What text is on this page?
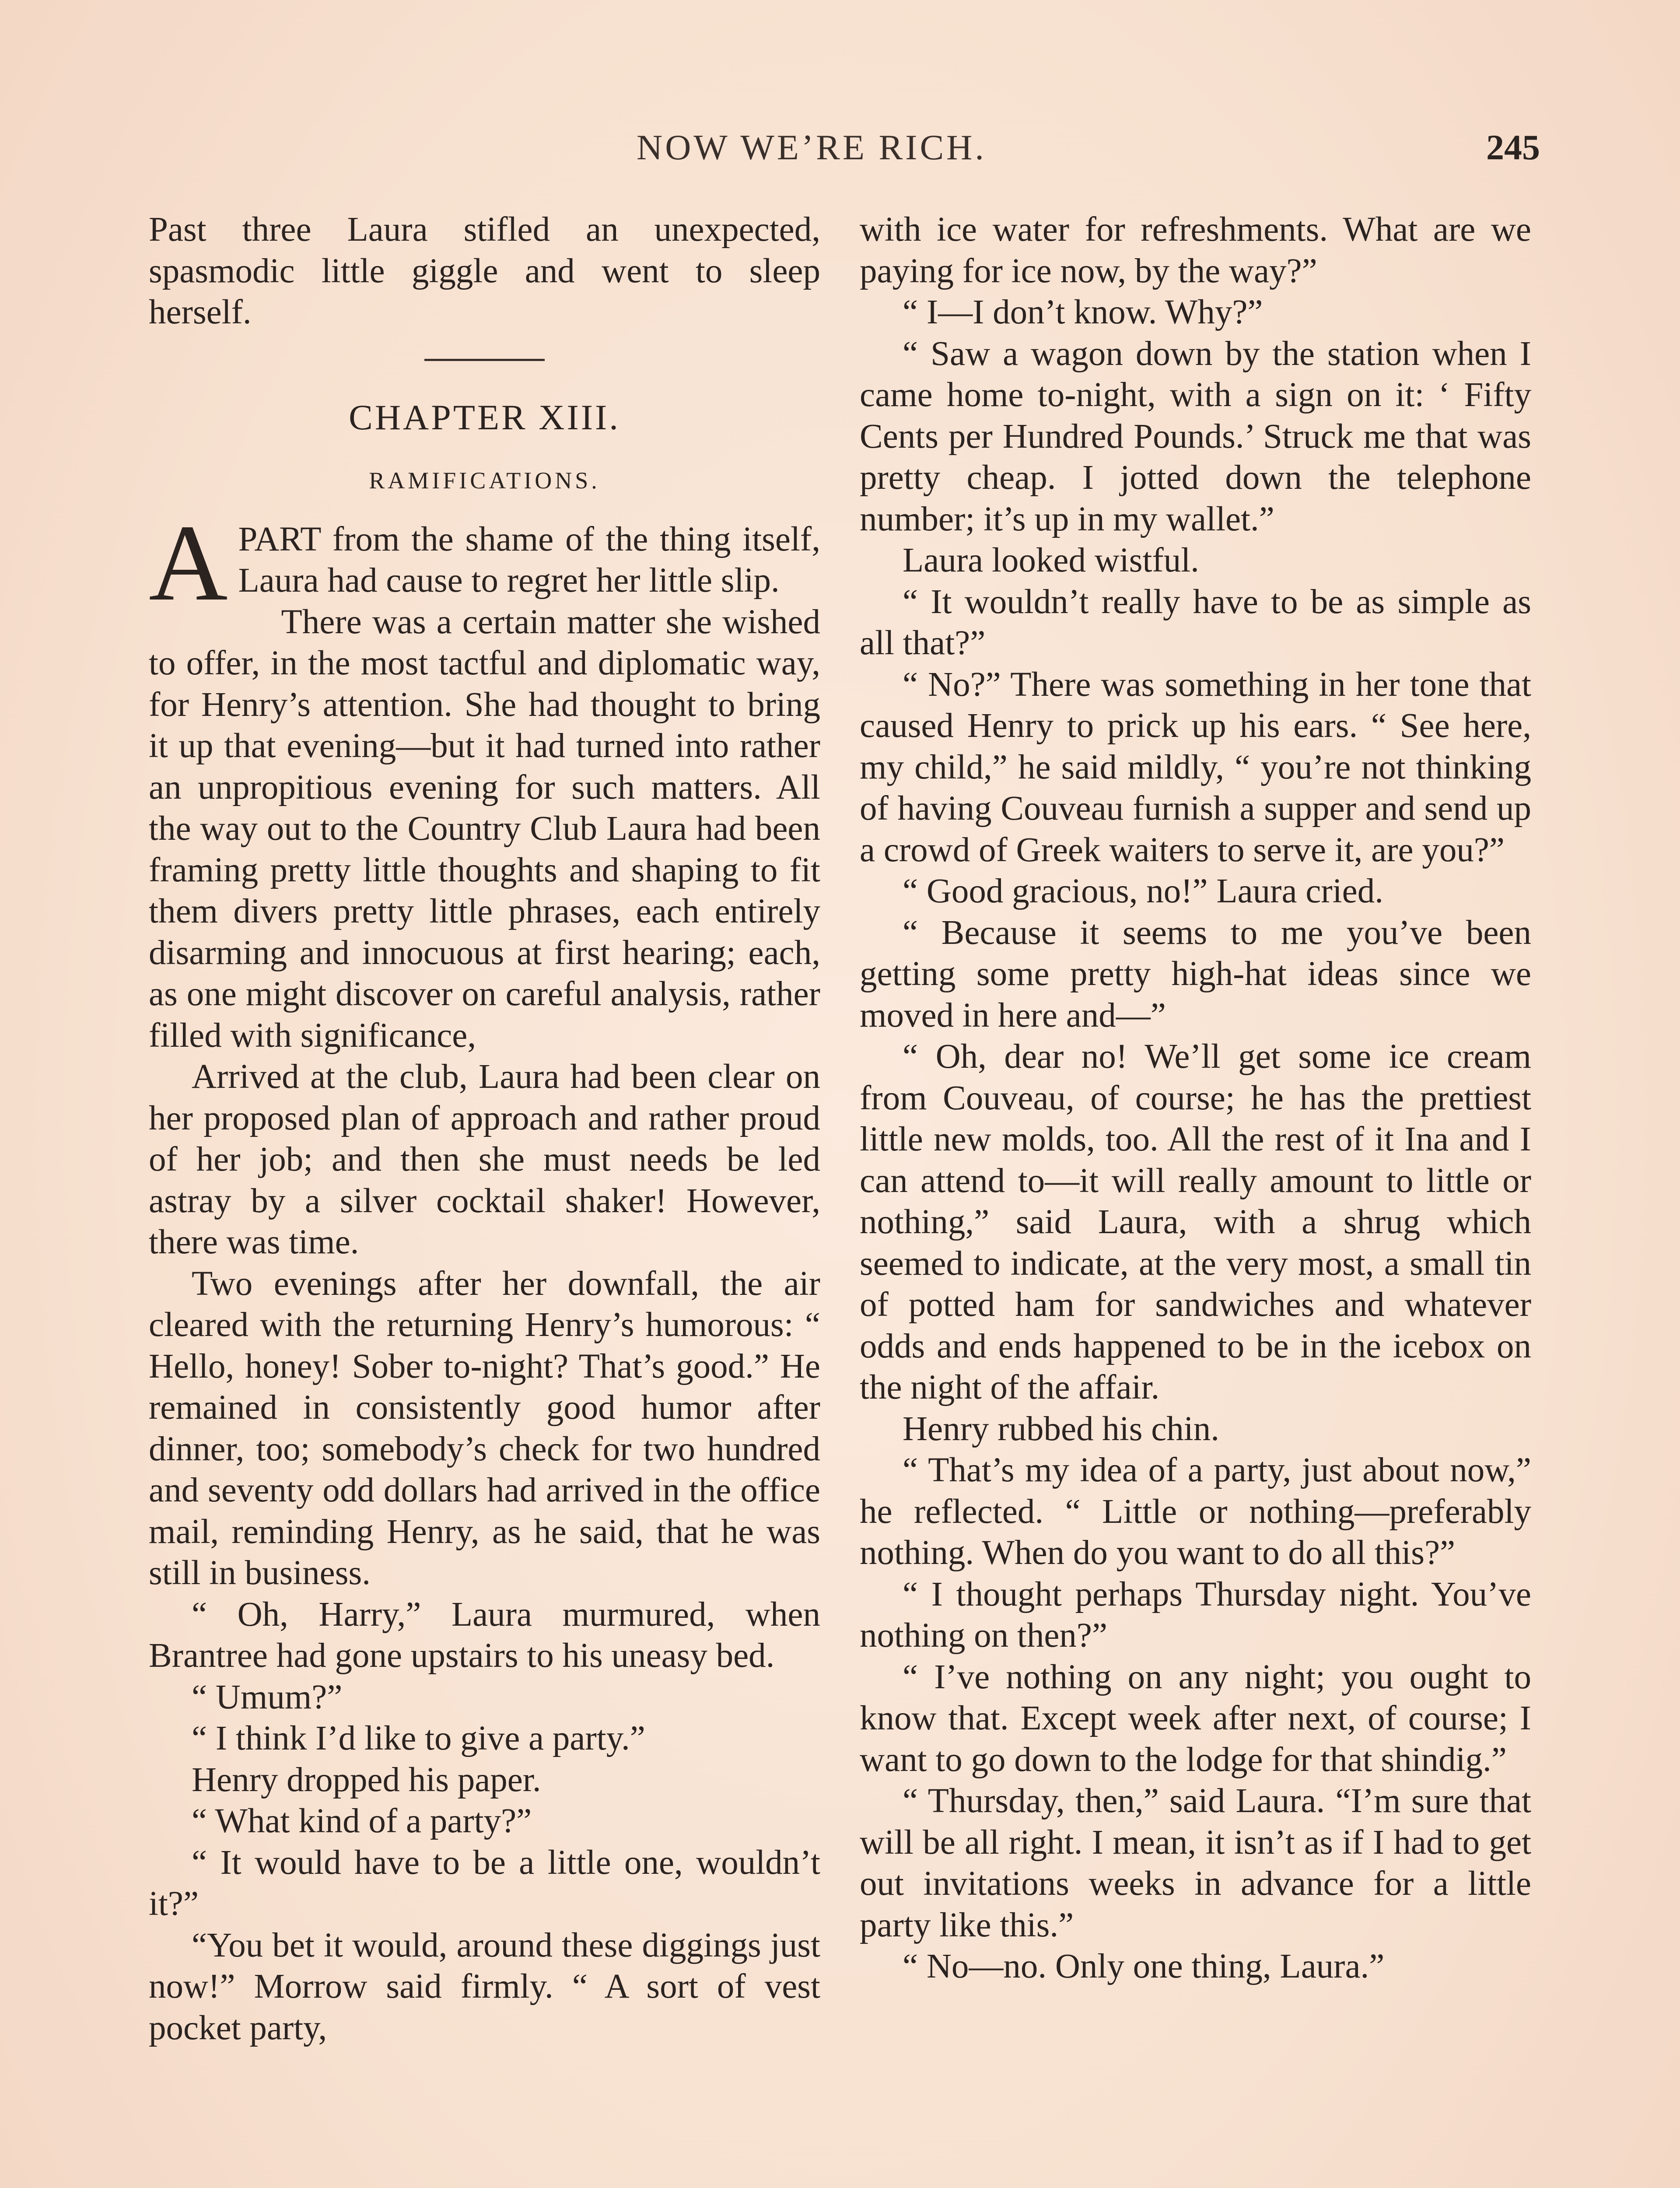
NOW WE’RE RICH.	245

Past three Laura stifled an unexpected, spasmodic little giggle and went to sleep herself.

CHAPTER XIII.
RAMIFICATIONS.

APART from the shame of the thing itself, Laura had cause to regret her little slip.

There was a certain matter she wished to offer, in the most tactful and diplomatic way, for Henry’s attention. She had thought to bring it up that evening—but it had turned into rather an unpropitious evening for such matters. All the way out to the Country Club Laura had been framing pretty little thoughts and shaping to fit them divers pretty little phrases, each entirely disarming and innocuous at first hearing; each, as one might discover on careful analysis, rather filled with significance,

Arrived at the club, Laura had been clear on her proposed plan of approach and rather proud of her job; and then she must needs be led astray by a silver cocktail shaker! However, there was time.

Two evenings after her downfall, the air cleared with the returning Henry’s humorous: “ Hello, honey! Sober to-night? That’s good.” He remained in consistently good humor after dinner, too; somebody’s check for two hundred and seventy odd dollars had arrived in the office mail, reminding Henry, as he said, that he was still in business.

“ Oh, Harry,” Laura murmured, when Brantree had gone upstairs to his uneasy bed.

“ Umum?”

“ I think I’d like to give a party.”

Henry dropped his paper.

“ What kind of a party?”

“ It would have to be a little one, wouldn’t it?”

“You bet it would, around these diggings just now!” Morrow said firmly. “ A sort of vest pocket party,

with ice water for refreshments. What are we paying for ice now, by the way?”

“ I—I don’t know. Why?”

“ Saw a wagon down by the station when I came home to-night, with a sign on it: ‘ Fifty Cents per Hundred Pounds.’ Struck me that was pretty cheap. I jotted down the telephone number; it’s up in my wallet.”

Laura looked wistful.

“ It wouldn’t really have to be as simple as all that?”

“ No?” There was something in her tone that caused Henry to prick up his ears. “ See here, my child,” he said mildly, “ you’re not thinking of having Couveau furnish a supper and send up a crowd of Greek waiters to serve it, are you?”

“ Good gracious, no!” Laura cried.

“ Because it seems to me you’ve been getting some pretty high-hat ideas since we moved in here and—”

“ Oh, dear no! We’ll get some ice cream from Couveau, of course; he has the prettiest little new molds, too. All the rest of it Ina and I can attend to—it will really amount to little or nothing,” said Laura, with a shrug which seemed to indicate, at the very most, a small tin of potted ham for sandwiches and whatever odds and ends happened to be in the icebox on the night of the affair.

Henry rubbed his chin.

“ That’s my idea of a party, just about now,” he reflected. “ Little or nothing—preferably nothing. When do you want to do all this?”

“ I thought perhaps Thursday night. You’ve nothing on then?”

“ I’ve nothing on any night; you ought to know that. Except week after next, of course; I want to go down to the lodge for that shindig.”

“ Thursday, then,” said Laura. “I’m sure that will be all right. I mean, it isn’t as if I had to get out invitations weeks in advance for a little party like this.”

“ No—no. Only one thing, Laura.”
